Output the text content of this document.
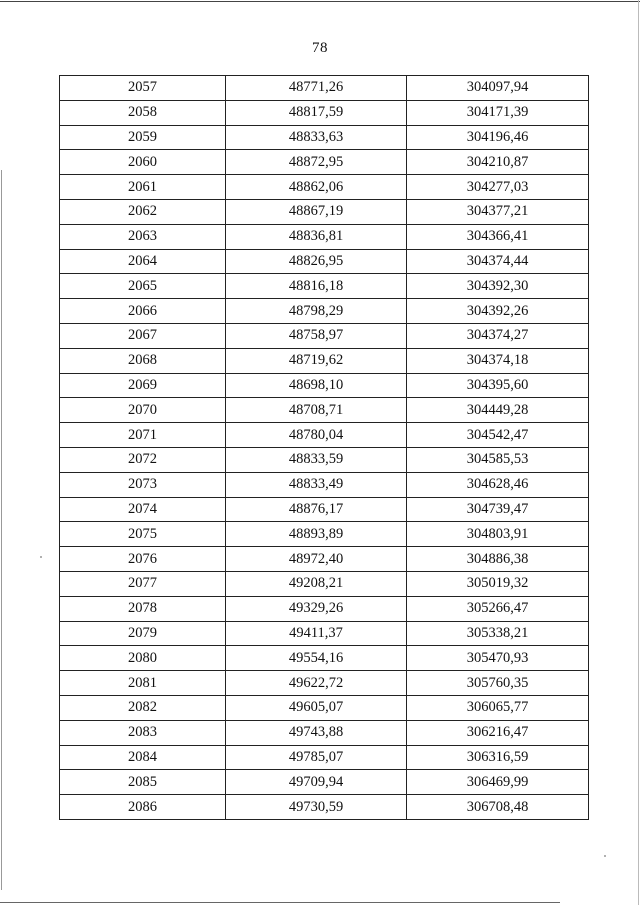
78
2057	48771,26	304097,94
2058	48817,59	304171,39
2059	48833,63	304196,46
2060	48872,95	304210,87
2061	48862,06	304277,03
2062	48867,19	304377,21
2063	48836,81	304366,41
2064	48826,95	304374,44
2065	48816,18	304392,30
2066	48798,29	304392,26
2067	48758,97	304374,27
2068	48719,62	304374,18
2069	48698,10	304395,60
2070	48708,71	304449,28
2071	48780,04	304542,47
2072	48833,59	304585,53
2073	48833,49	304628,46
2074	48876,17	304739,47
2075	48893,89	304803,91
2076	48972,40	304886,38
2077	49208,21	305019,32
2078	49329,26	305266,47
2079	49411,37	305338,21
2080	49554,16	305470,93
2081	49622,72	305760,35
2082	49605,07	306065,77
2083	49743,88	306216,47
2084	49785,07	306316,59
2085	49709,94	306469,99
2086	49730,59	306708,48
